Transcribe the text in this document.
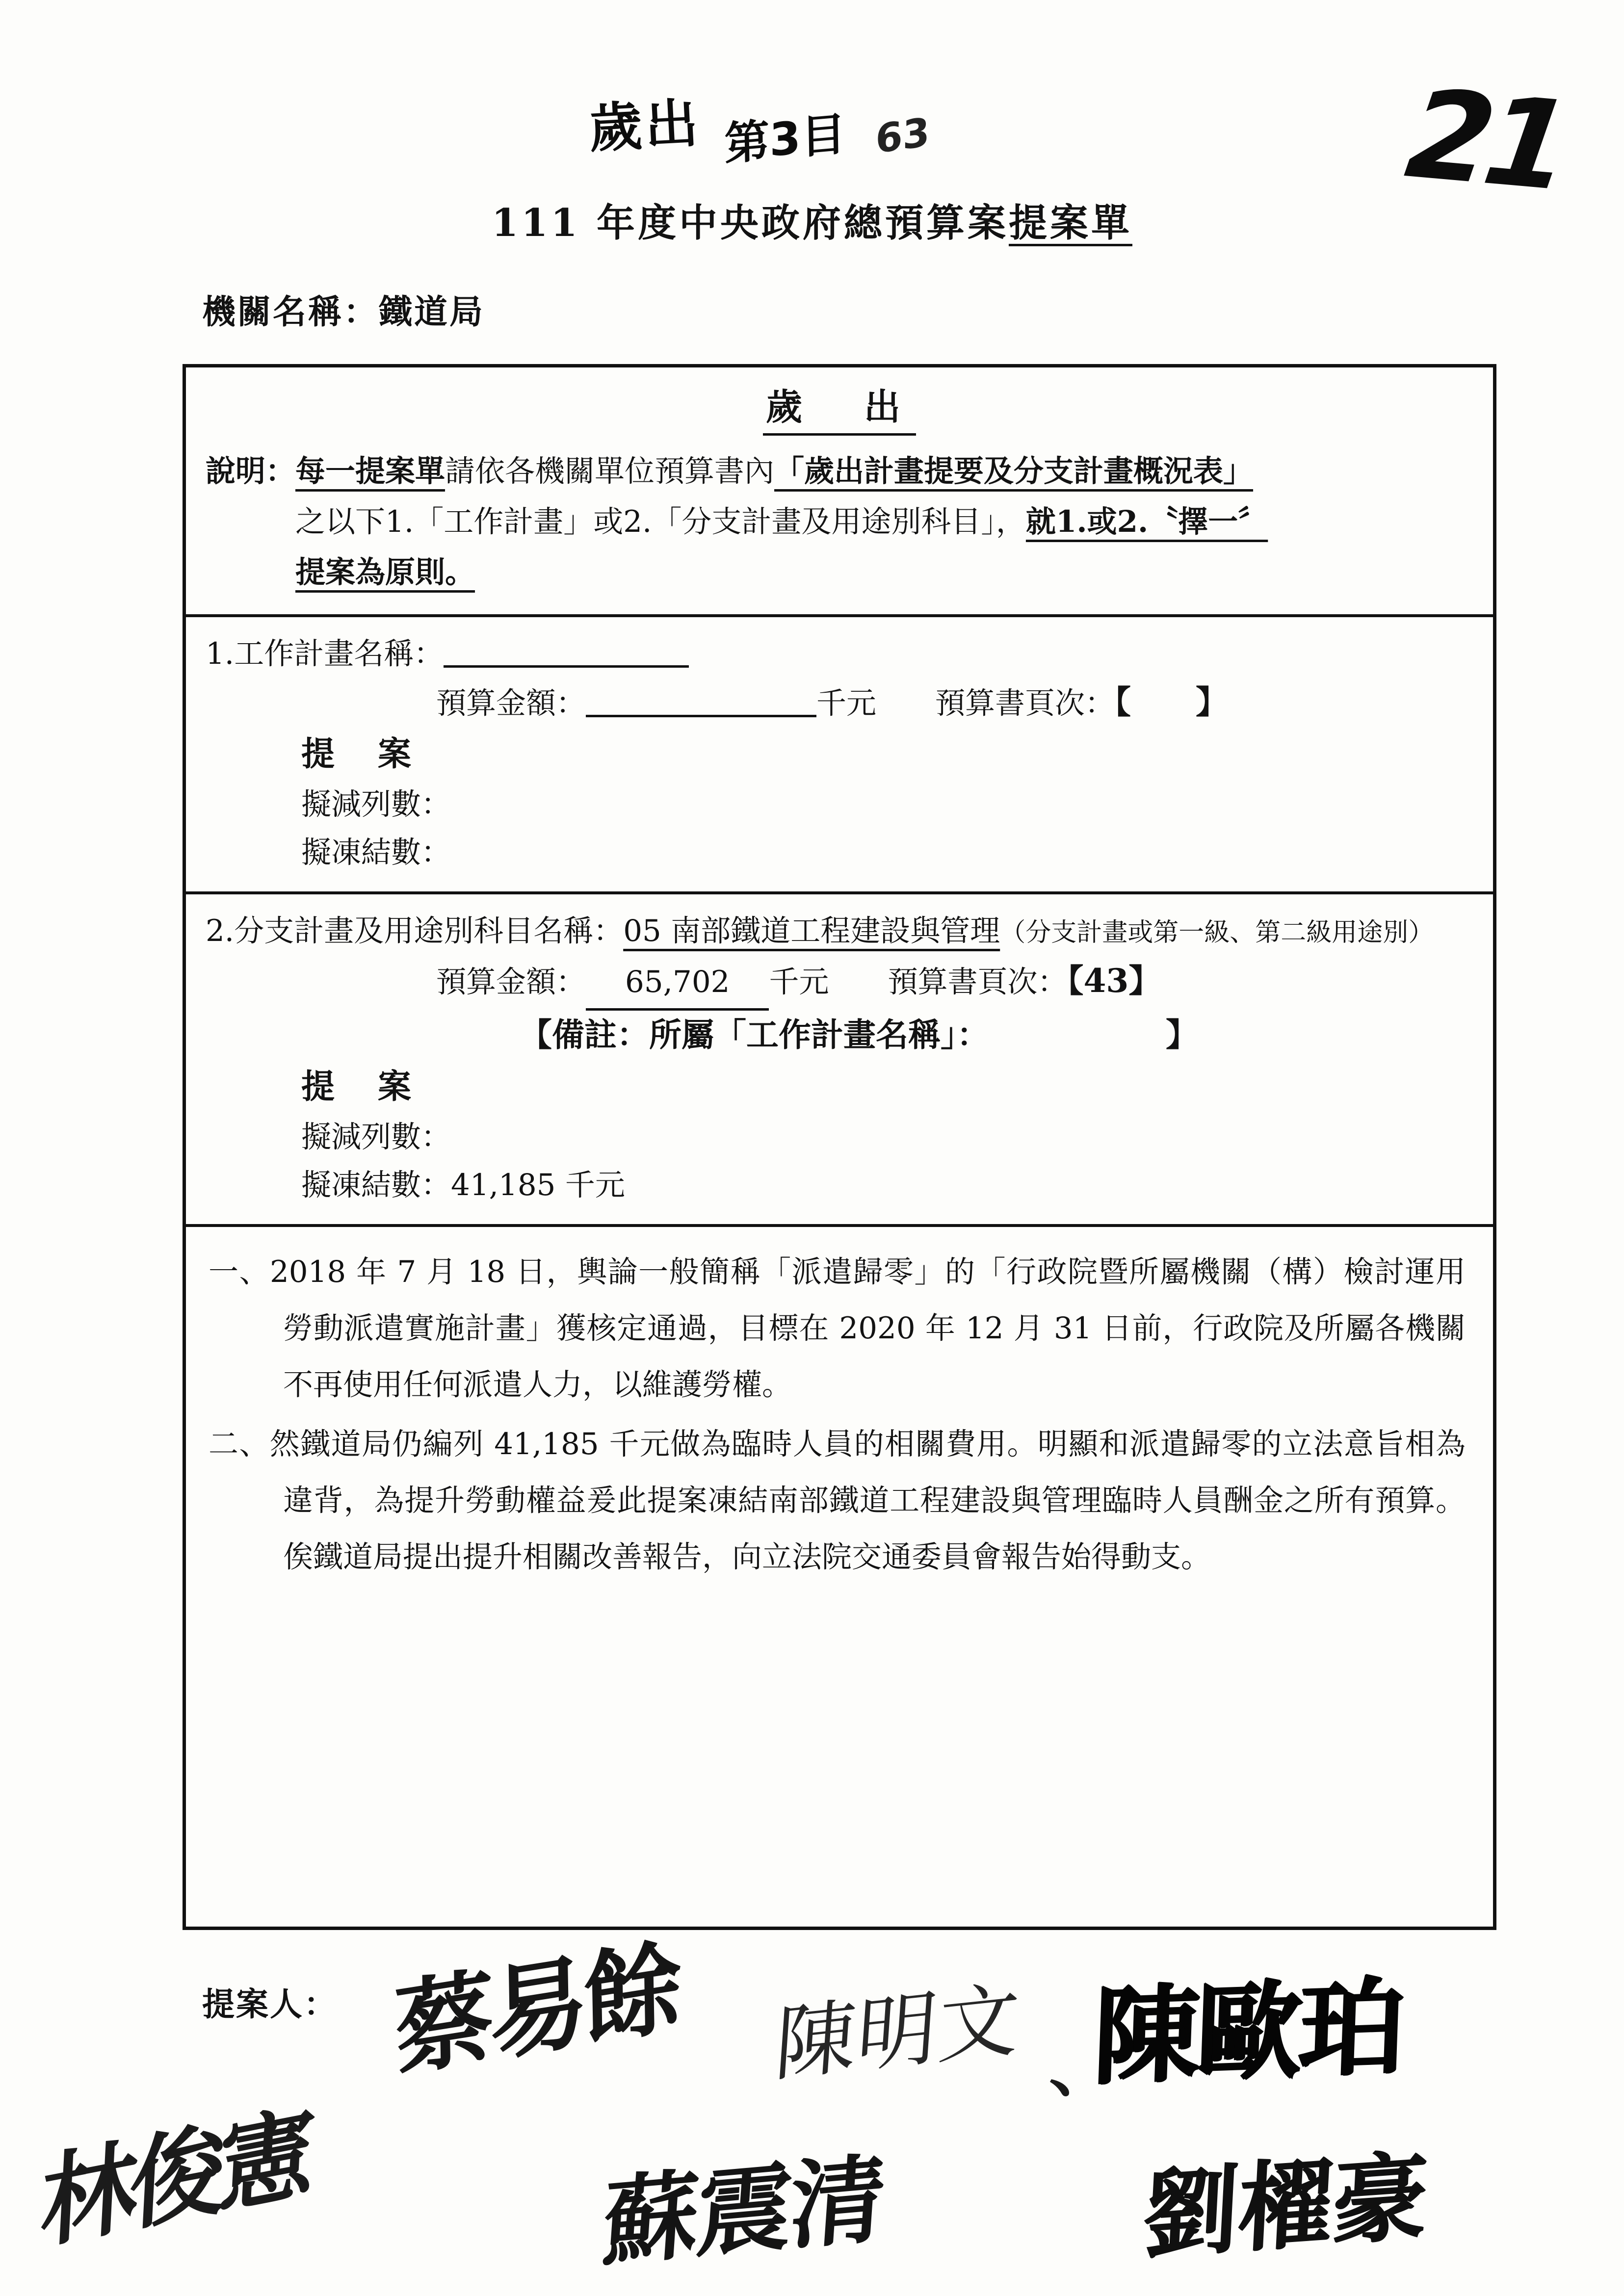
歲出 第3目 63	21
111 年度中央政府總預算案提案單
機關名稱：鐵道局
歲　出
說明： 每一提案單請依各機關單位預算書內「歲出計畫提要及分支計畫概況表」
之以下1.「工作計畫」或2.「分支計畫及用途別科目」，就1.或2.〝擇一〞
提案為原則。
1.工作計畫名稱：
預算金額：	千元 預算書頁次：【　　】
提　案
擬減列數：
擬凍結數：
2.分支計畫及用途別科目名稱：05 南部鐵道工程建設與管理（分支計畫或第一級、第二級用途別）
預算金額： 65,702 千元 預算書頁次：【43】
【備註：所屬「工作計畫名稱」：	】
提　案
擬減列數：
擬凍結數：41,185 千元
一、2018 年 7 月 18 日，輿論一般簡稱「派遣歸零」的「行政院暨所屬機關（構）檢討運用勞動派遣實施計畫」獲核定通過，目標在 2020 年 12 月 31 日前，行政院及所屬各機關不再使用任何派遣人力，以維護勞權。
二、然鐵道局仍編列 41,185 千元做為臨時人員的相關費用。明顯和派遣歸零的立法意旨相為違背，為提升勞動權益爰此提案凍結南部鐵道工程建設與管理臨時人員酬金之所有預算。俟鐵道局提出提升相關改善報告，向立法院交通委員會報告始得動支。
提案人： 蔡易餘 陳明文 、
陳歐珀
林俊憲	蘇震清	劉櫂豪
